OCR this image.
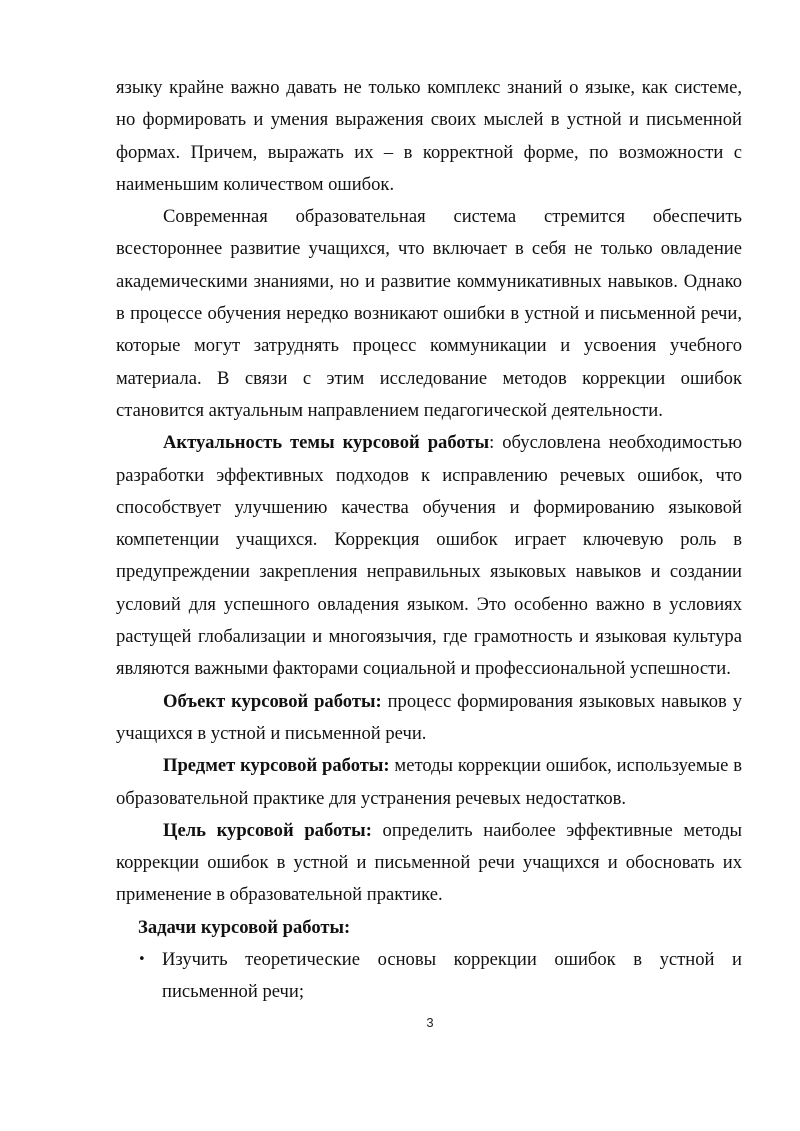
языку крайне важно давать не только комплекс знаний о языке, как системе, но формировать и умения выражения своих мыслей в устной и письменной формах. Причем, выражать их – в корректной форме, по возможности с наименьшим количеством ошибок.

Современная образовательная система стремится обеспечить всестороннее развитие учащихся, что включает в себя не только овладение академическими знаниями, но и развитие коммуникативных навыков. Однако в процессе обучения нередко возникают ошибки в устной и письменной речи, которые могут затруднять процесс коммуникации и усвоения учебного материала. В связи с этим исследование методов коррекции ошибок становится актуальным направлением педагогической деятельности.

Актуальность темы курсовой работы: обусловлена необходимостью разработки эффективных подходов к исправлению речевых ошибок, что способствует улучшению качества обучения и формированию языковой компетенции учащихся. Коррекция ошибок играет ключевую роль в предупреждении закрепления неправильных языковых навыков и создании условий для успешного овладения языком. Это особенно важно в условиях растущей глобализации и многоязычия, где грамотность и языковая культура являются важными факторами социальной и профессиональной успешности.

Объект курсовой работы: процесс формирования языковых навыков у учащихся в устной и письменной речи.

Предмет курсовой работы: методы коррекции ошибок, используемые в образовательной практике для устранения речевых недостатков.

Цель курсовой работы: определить наиболее эффективные методы коррекции ошибок в устной и письменной речи учащихся и обосновать их применение в образовательной практике.

Задачи курсовой работы:

• Изучить теоретические основы коррекции ошибок в устной и письменной речи;
3
